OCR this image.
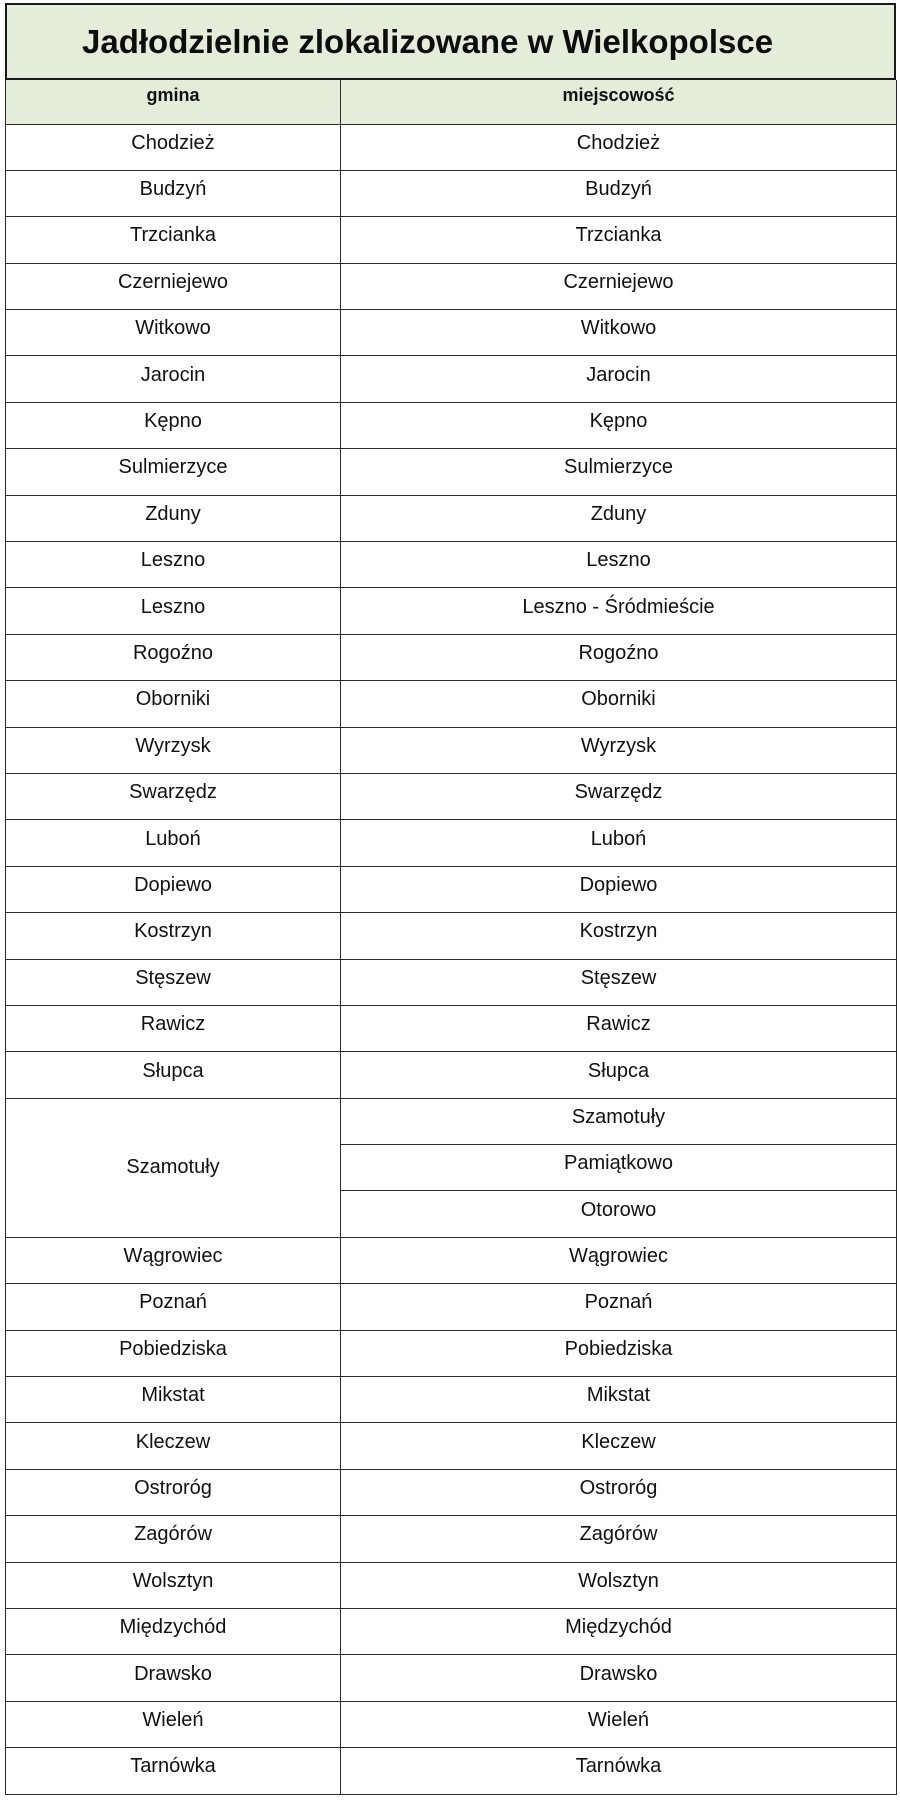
Jadłodzielnie zlokalizowane w Wielkopolsce
gmina	miejscowość
Chodzież	Chodzież
Budzyń	Budzyń
Trzcianka	Trzcianka
Czerniejewo	Czerniejewo
Witkowo	Witkowo
Jarocin	Jarocin
Kępno	Kępno
Sulmierzyce	Sulmierzyce
Zduny	Zduny
Leszno	Leszno
Leszno	Leszno - Śródmieście
Rogoźno	Rogoźno
Oborniki	Oborniki
Wyrzysk	Wyrzysk
Swarzędz	Swarzędz
Luboń	Luboń
Dopiewo	Dopiewo
Kostrzyn	Kostrzyn
Stęszew	Stęszew
Rawicz	Rawicz
Słupca	Słupca
Szamotuły	Szamotuły
	Pamiątkowo
	Otorowo
Wągrowiec	Wągrowiec
Poznań	Poznań
Pobiedziska	Pobiedziska
Mikstat	Mikstat
Kleczew	Kleczew
Ostroróg	Ostroróg
Zagórów	Zagórów
Wolsztyn	Wolsztyn
Międzychód	Międzychód
Drawsko	Drawsko
Wieleń	Wieleń
Tarnówka	Tarnówka
